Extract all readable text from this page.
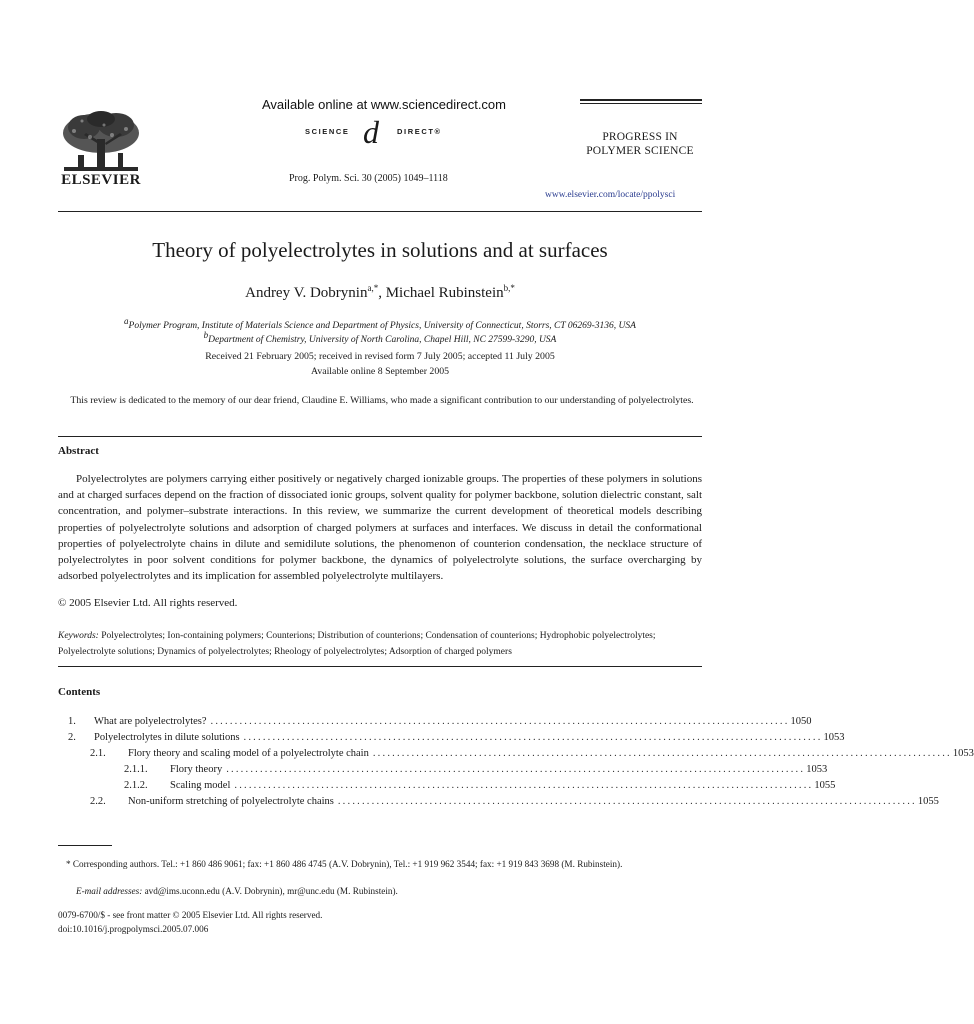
ELSEVIER
Available online at www.sciencedirect.com
SCIENCE d DIRECT®
Prog. Polym. Sci. 30 (2005) 1049–1118
PROGRESS IN
POLYMER SCIENCE
www.elsevier.com/locate/ppolysci
Theory of polyelectrolytes in solutions and at surfaces
Andrey V. Dobrynin$^{a,*}$, Michael Rubinstein$^{b,*}$
$^a$Polymer Program, Institute of Materials Science and Department of Physics, University of Connecticut, Storrs, CT 06269-3136, USA
$^b$Department of Chemistry, University of North Carolina, Chapel Hill, NC 27599-3290, USA
Received 21 February 2005; received in revised form 7 July 2005; accepted 11 July 2005
Available online 8 September 2005
This review is dedicated to the memory of our dear friend, Claudine E. Williams, who made a significant contribution to our understanding of polyelectrolytes.
Abstract
Polyelectrolytes are polymers carrying either positively or negatively charged ionizable groups. The properties of these polymers in solutions and at charged surfaces depend on the fraction of dissociated ionic groups, solvent quality for polymer backbone, solution dielectric constant, salt concentration, and polymer–substrate interactions. In this review, we summarize the current development of theoretical models describing properties of polyelectrolyte solutions and adsorption of charged polymers at surfaces and interfaces. We discuss in detail the conformational properties of polyelectrolyte chains in dilute and semidilute solutions, the phenomenon of counterion condensation, the necklace structure of polyelectrolytes in poor solvent conditions for polymer backbone, the dynamics of polyelectrolyte solutions, the surface overcharging by adsorbed polyelectrolytes and its implication for assembled polyelectrolyte multilayers.
© 2005 Elsevier Ltd. All rights reserved.
Keywords: Polyelectrolytes; Ion-containing polymers; Counterions; Distribution of counterions; Condensation of counterions; Hydrophobic polyelectrolytes; Polyelectrolyte solutions; Dynamics of polyelectrolytes; Rheology of polyelectrolytes; Adsorption of charged polymers
Contents
1.	What are polyelectrolytes? ........................................................................................................................ 1050
2.	Polyelectrolytes in dilute solutions ........................................................................................................................ 1053
2.1.	Flory theory and scaling model of a polyelectrolyte chain ........................................................................................................................ 1053
2.1.1.	Flory theory ........................................................................................................................ 1053
2.1.2.	Scaling model ........................................................................................................................ 1055
2.2.	Non-uniform stretching of polyelectrolyte chains ........................................................................................................................ 1055
* Corresponding authors. Tel.: +1 860 486 9061; fax: +1 860 486 4745 (A.V. Dobrynin), Tel.: +1 919 962 3544; fax: +1 919 843 3698 (M. Rubinstein).
E-mail addresses: avd@ims.uconn.edu (A.V. Dobrynin), mr@unc.edu (M. Rubinstein).
0079-6700/$ - see front matter © 2005 Elsevier Ltd. All rights reserved.
doi:10.1016/j.progpolymsci.2005.07.006
